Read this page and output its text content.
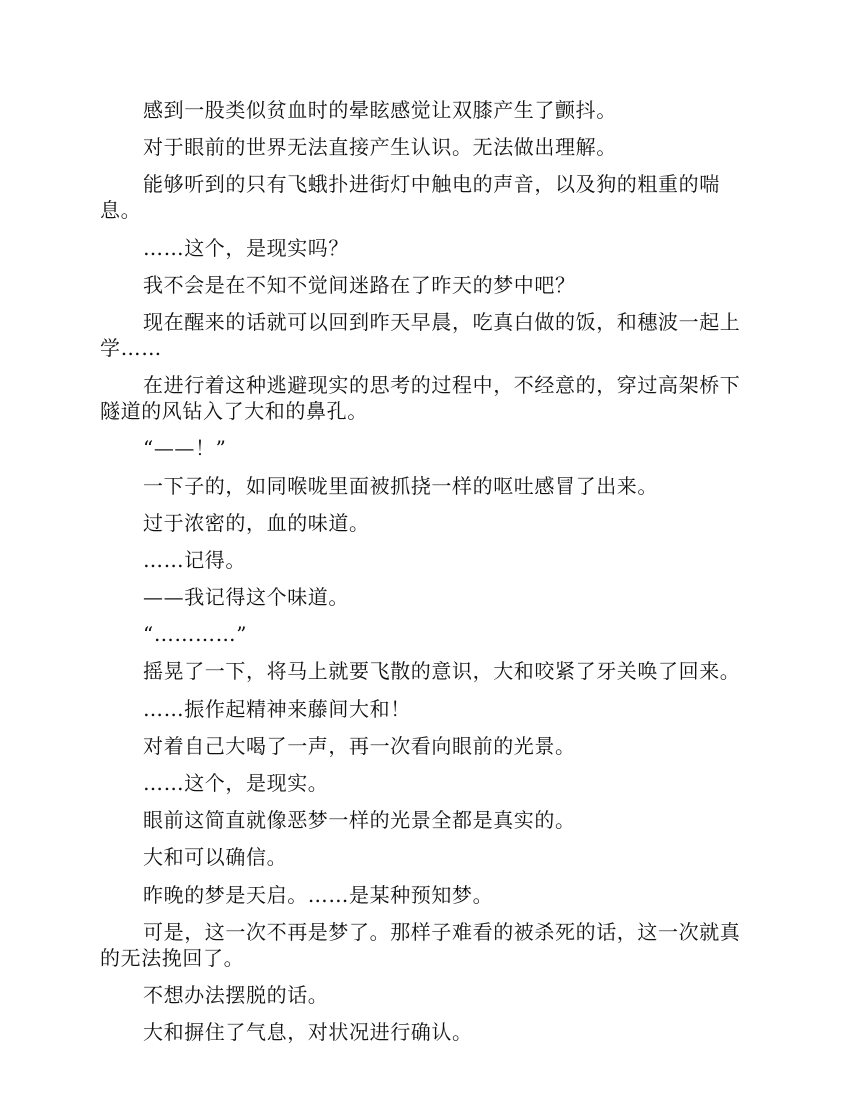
感到一股类似贫血时的晕眩感觉让双膝产生了颤抖。

对于眼前的世界无法直接产生认识。无法做出理解。

能够听到的只有飞蛾扑进街灯中触电的声音，以及狗的粗重的喘息。

……这个，是现实吗？

我不会是在不知不觉间迷路在了昨天的梦中吧？

现在醒来的话就可以回到昨天早晨，吃真白做的饭，和穗波一起上学……

在进行着这种逃避现实的思考的过程中，不经意的，穿过高架桥下隧道的风钻入了大和的鼻孔。

“——！”

一下子的，如同喉咙里面被抓挠一样的呕吐感冒了出来。

过于浓密的，血的味道。

……记得。

——我记得这个味道。

“…………”

摇晃了一下，将马上就要飞散的意识，大和咬紧了牙关唤了回来。

……振作起精神来藤间大和！

对着自己大喝了一声，再一次看向眼前的光景。

……这个，是现实。

眼前这简直就像恶梦一样的光景全都是真实的。

大和可以确信。

昨晚的梦是天启。……是某种预知梦。

可是，这一次不再是梦了。那样子难看的被杀死的话，这一次就真的无法挽回了。

不想办法摆脱的话。

大和摒住了气息，对状况进行确认。
